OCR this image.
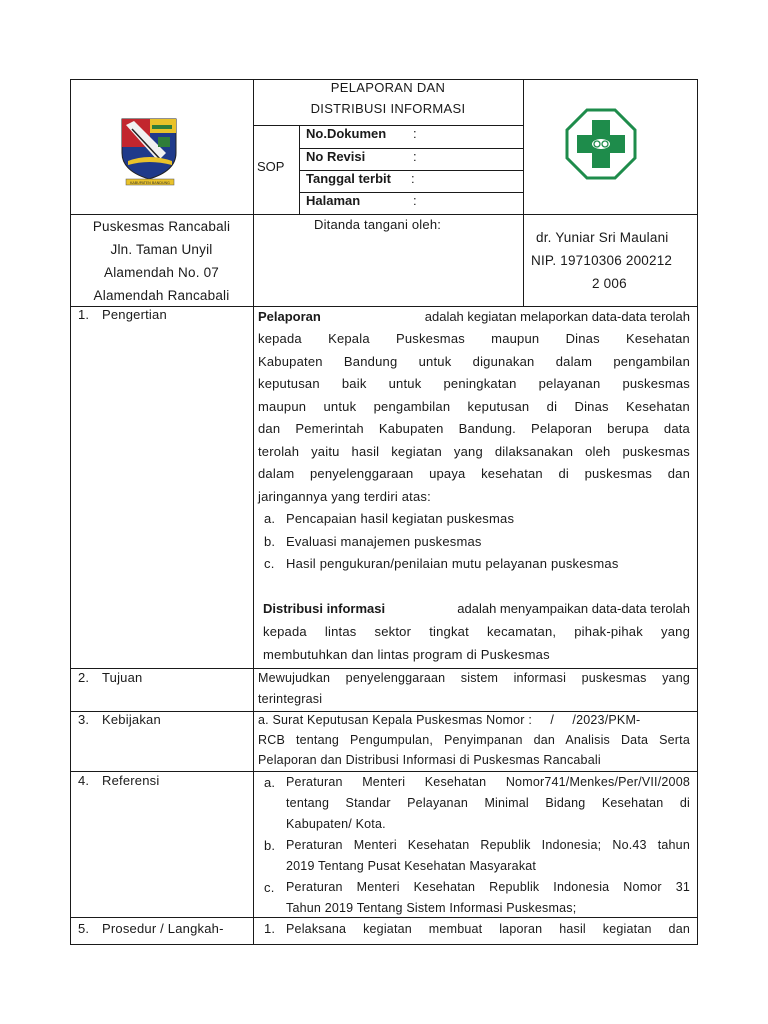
KABUPATEN BANDUNG
PELAPORAN DAN
DISTRIBUSI INFORMASI
SOP
No.Dokumen :
No Revisi	:
Tanggal terbit :
Halaman	:
Puskesmas Rancabali
Jln. Taman Unyil
Alamendah No. 07
Alamendah Rancabali
Ditanda tangani oleh:
dr. Yuniar Sri Maulani
NIP. 19710306 200212
2 006
1. Pengertian	Pelaporan	adalah kegiatan melaporkan data-data terolah
kepada Kepala Puskesmas maupun Dinas Kesehatan
Kabupaten Bandung untuk digunakan dalam pengambilan
keputusan baik untuk peningkatan pelayanan puskesmas
maupun untuk pengambilan keputusan di Dinas Kesehatan
dan Pemerintah Kabupaten Bandung. Pelaporan berupa data
terolah yaitu hasil kegiatan yang dilaksanakan oleh puskesmas
dalam penyelenggaraan upaya kesehatan di puskesmas dan
jaringannya yang terdiri atas:
a. Pencapaian hasil kegiatan puskesmas
b. Evaluasi manajemen puskesmas
c. Hasil pengukuran/penilaian mutu pelayanan puskesmas
Distribusi informasi	adalah menyampaikan data-data terolah
kepada lintas sektor tingkat kecamatan, pihak-pihak yang
membutuhkan dan lintas program di Puskesmas
2. Tujuan	Mewujudkan penyelenggaraan sistem informasi puskesmas yang
terintegrasi
3. Kebijakan	a. Surat Keputusan Kepala Puskesmas Nomor :     /     /2023/PKM-
RCB tentang Pengumpulan, Penyimpanan dan Analisis Data Serta
Pelaporan dan Distribusi Informasi di Puskesmas Rancabali
4. Referensi	a. Peraturan Menteri Kesehatan Nomor741/Menkes/Per/VII/2008
tentang Standar Pelayanan Minimal Bidang Kesehatan di
Kabupaten/ Kota.
b. Peraturan Menteri Kesehatan Republik Indonesia; No.43 tahun
2019 Tentang Pusat Kesehatan Masyarakat
c. Peraturan Menteri Kesehatan Republik Indonesia Nomor 31
Tahun 2019 Tentang Sistem Informasi Puskesmas;
5. Prosedur / Langkah-	1. Pelaksana kegiatan membuat laporan hasil kegiatan dan
